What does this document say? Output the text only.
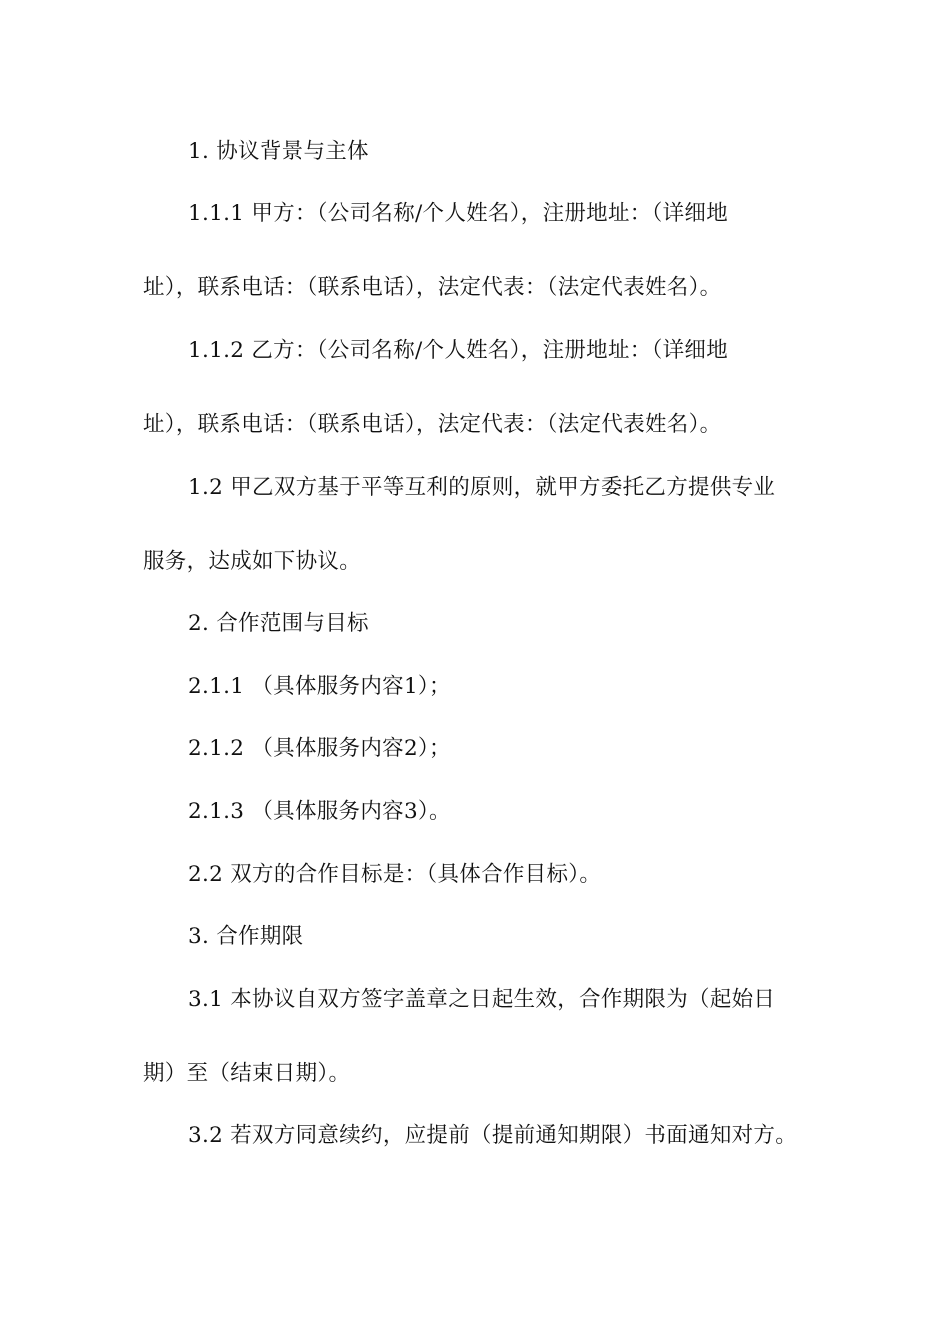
1. 协议背景与主体
1.1.1 甲方：（公司名称/个人姓名），注册地址：（详细地
址），联系电话：（联系电话），法定代表：（法定代表姓名）。
1.1.2 乙方：（公司名称/个人姓名），注册地址：（详细地
址），联系电话：（联系电话），法定代表：（法定代表姓名）。
1.2 甲乙双方基于平等互利的原则，就甲方委托乙方提供专业
服务，达成如下协议。
2. 合作范围与目标
2.1.1 （具体服务内容1）；
2.1.2 （具体服务内容2）；
2.1.3 （具体服务内容3）。
2.2 双方的合作目标是：（具体合作目标）。
3. 合作期限
3.1 本协议自双方签字盖章之日起生效，合作期限为（起始日
期）至（结束日期）。
3.2 若双方同意续约，应提前（提前通知期限）书面通知对方。
